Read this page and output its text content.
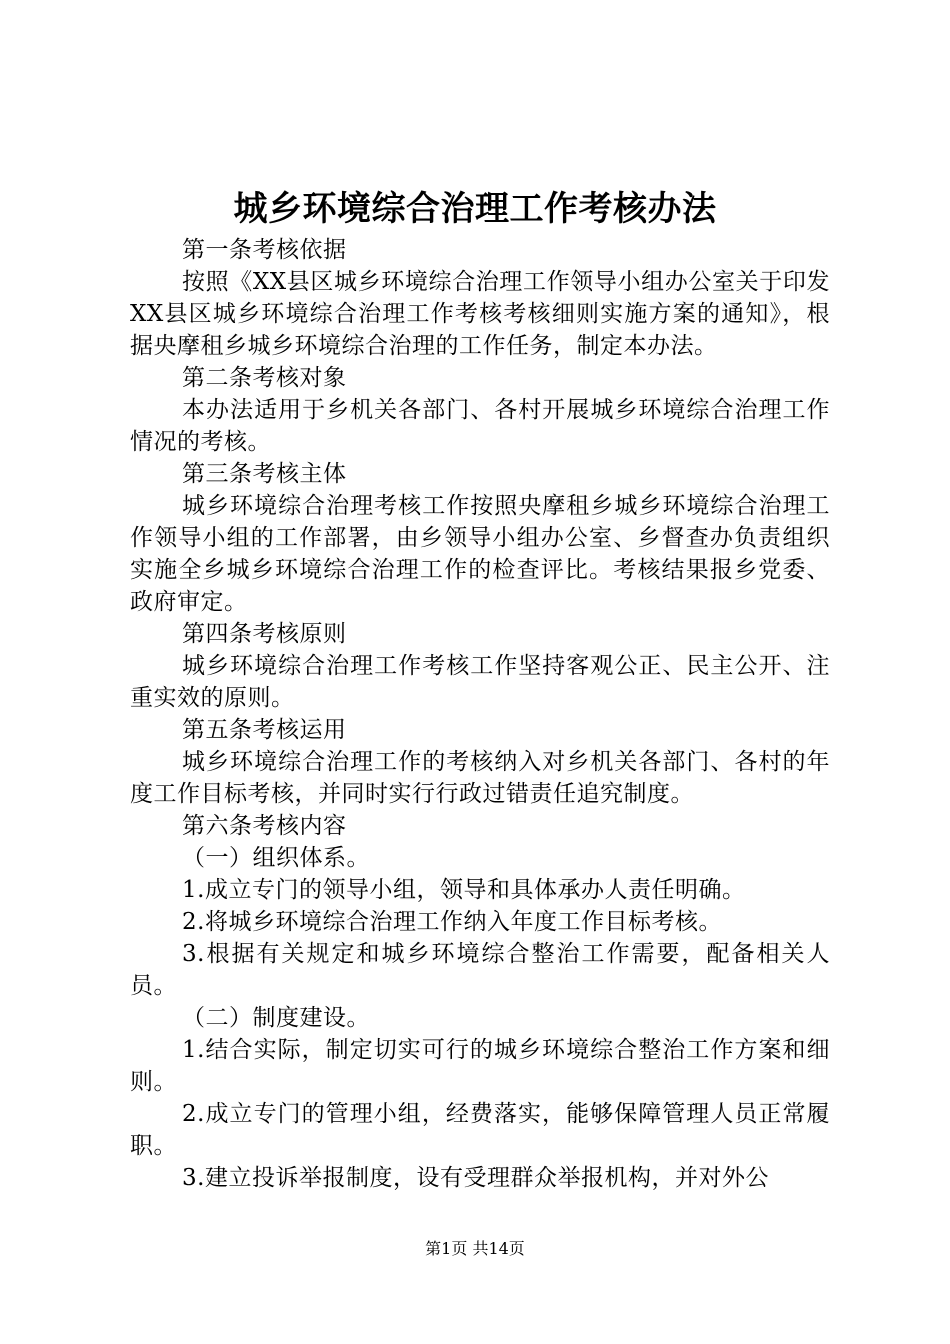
城乡环境综合治理工作考核办法

第一条考核依据

按照《XX县区城乡环境综合治理工作领导小组办公室关于印发XX县区城乡环境综合治理工作考核考核细则实施方案的通知》，根据央摩租乡城乡环境综合治理的工作任务，制定本办法。

第二条考核对象

本办法适用于乡机关各部门、各村开展城乡环境综合治理工作情况的考核。

第三条考核主体

城乡环境综合治理考核工作按照央摩租乡城乡环境综合治理工作领导小组的工作部署，由乡领导小组办公室、乡督查办负责组织实施全乡城乡环境综合治理工作的检查评比。考核结果报乡党委、政府审定。

第四条考核原则

城乡环境综合治理工作考核工作坚持客观公正、民主公开、注重实效的原则。

第五条考核运用

城乡环境综合治理工作的考核纳入对乡机关各部门、各村的年度工作目标考核，并同时实行行政过错责任追究制度。

第六条考核内容

（一）组织体系。

1.成立专门的领导小组，领导和具体承办人责任明确。

2.将城乡环境综合治理工作纳入年度工作目标考核。

3.根据有关规定和城乡环境综合整治工作需要，配备相关人员。

（二）制度建设。

1.结合实际，制定切实可行的城乡环境综合整治工作方案和细则。

2.成立专门的管理小组，经费落实，能够保障管理人员正常履职。

3.建立投诉举报制度，设有受理群众举报机构，并对外公

第1页 共14页
